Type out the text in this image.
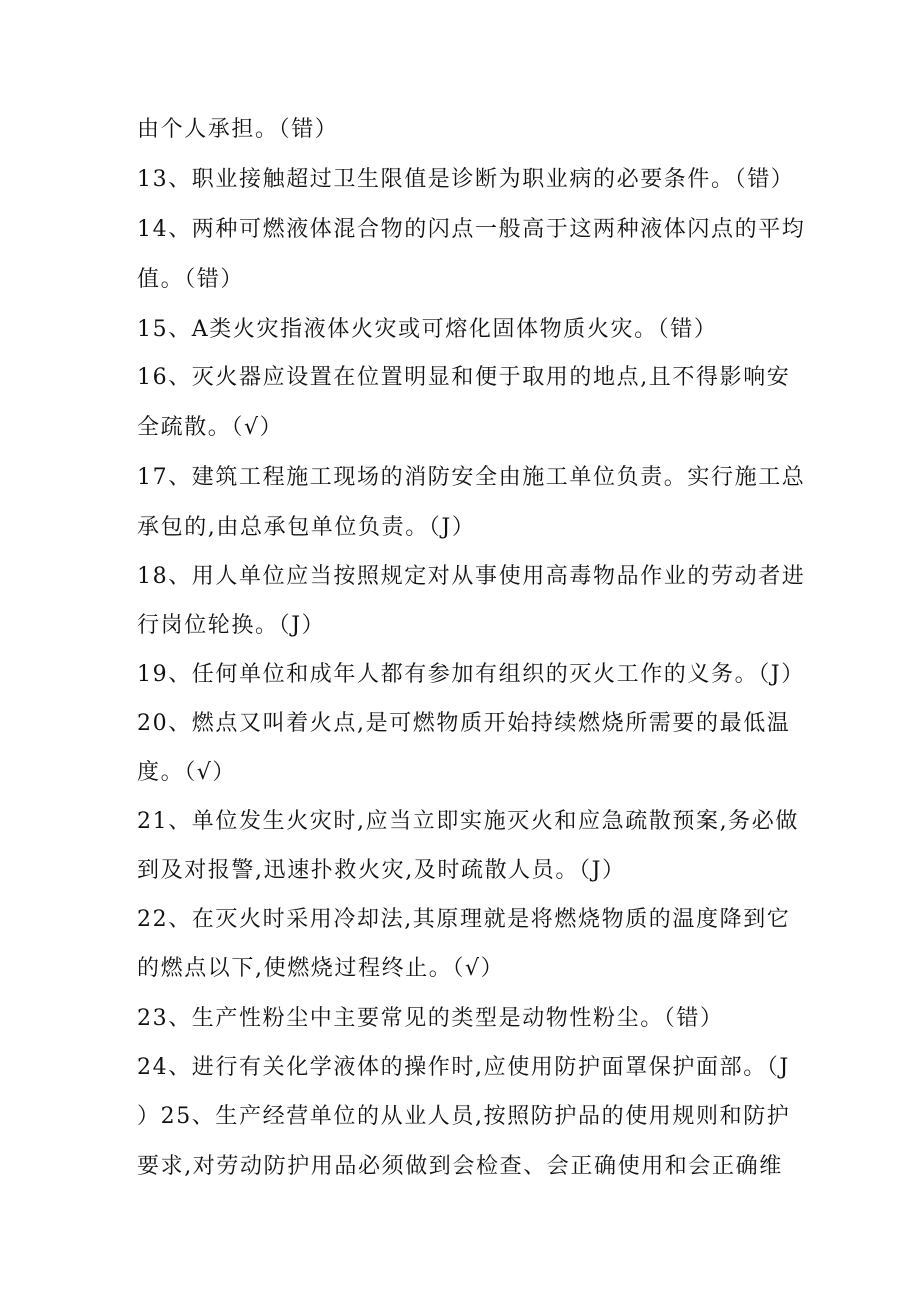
由个人承担。（错）
13、职业接触超过卫生限值是诊断为职业病的必要条件。（错）
14、两种可燃液体混合物的闪点一般高于这两种液体闪点的平均
值。（错）
15、A类火灾指液体火灾或可熔化固体物质火灾。（错）
16、灭火器应设置在位置明显和便于取用的地点,且不得影响安
全疏散。（√）
17、建筑工程施工现场的消防安全由施工单位负责。实行施工总
承包的,由总承包单位负责。（J）
18、用人单位应当按照规定对从事使用高毒物品作业的劳动者进
行岗位轮换。（J）
19、任何单位和成年人都有参加有组织的灭火工作的义务。（J）
20、燃点又叫着火点,是可燃物质开始持续燃烧所需要的最低温
度。（√）
21、单位发生火灾时,应当立即实施灭火和应急疏散预案,务必做
到及对报警,迅速扑救火灾,及时疏散人员。（J）
22、在灭火时采用冷却法,其原理就是将燃烧物质的温度降到它
的燃点以下,使燃烧过程终止。（√）
23、生产性粉尘中主要常见的类型是动物性粉尘。（错）
24、进行有关化学液体的操作时,应使用防护面罩保护面部。（J
）25、生产经营单位的从业人员,按照防护品的使用规则和防护
要求,对劳动防护用品必须做到会检查、会正确使用和会正确维
